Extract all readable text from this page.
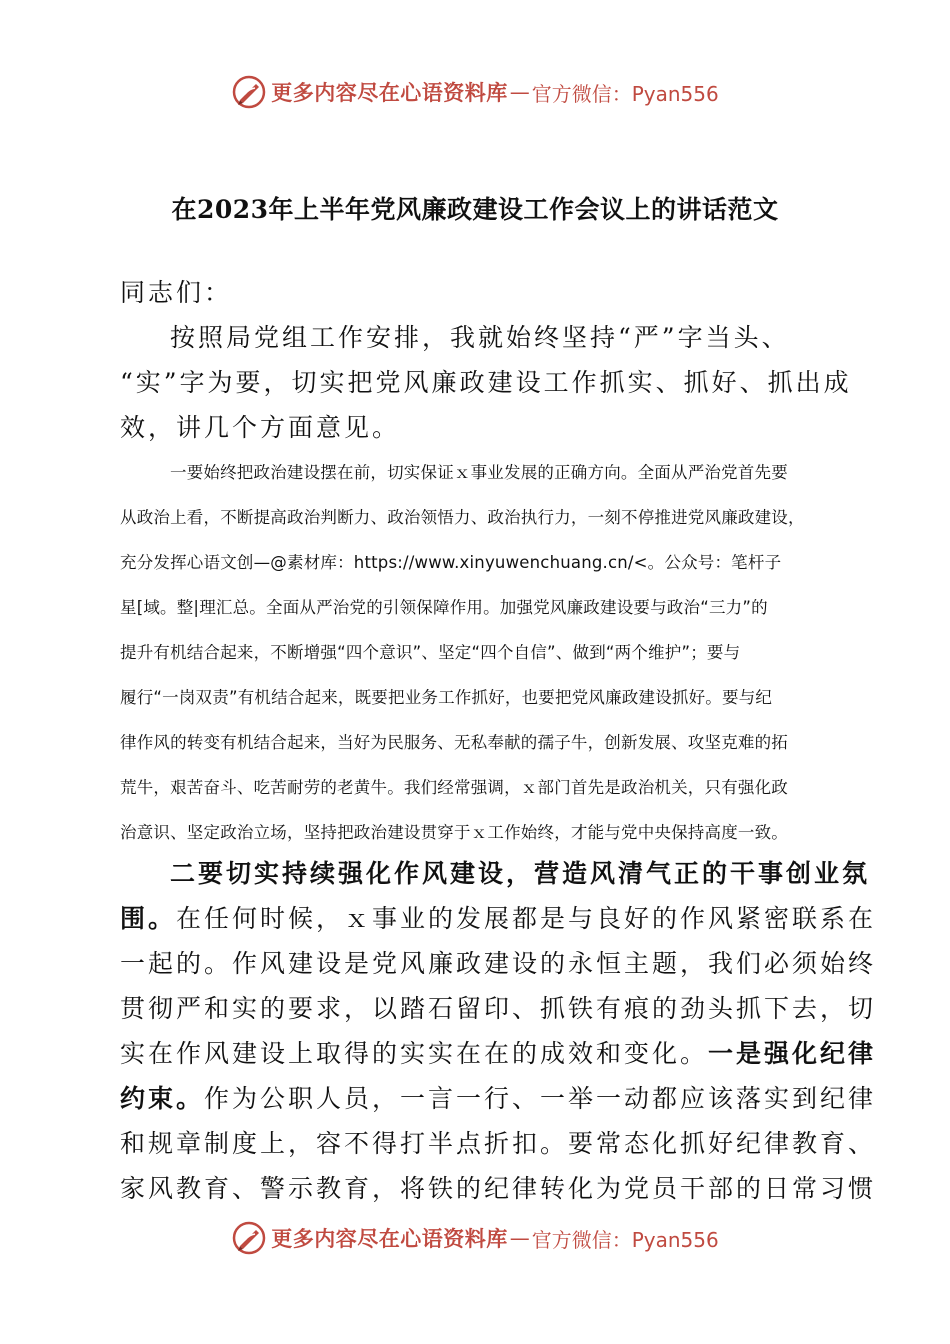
更多内容尽在心语资料库 — 官方微信：Pyan556
在2023年上半年党风廉政建设工作会议上的讲话范文
同志们：
按照局党组工作安排，我就始终坚持“严”字当头、
“实”字为要，切实把党风廉政建设工作抓实、抓好、抓出成
效，讲几个方面意见。
一要始终把政治建设摆在前，切实保证ｘ事业发展的正确方向。全面从严治党首先要
从政治上看，不断提高政治判断力、政治领悟力、政治执行力，一刻不停推进党风廉政建设，
充分发挥心语文创—@素材库：https://www.xinyuwenchuang.cn/<。公众号：笔杆子
星[域。整|理汇总。全面从严治党的引领保障作用。加强党风廉政建设要与政治“三力”的
提升有机结合起来，不断增强“四个意识”、坚定“四个自信”、做到“两个维护”；要与
履行“一岗双责”有机结合起来，既要把业务工作抓好，也要把党风廉政建设抓好。要与纪
律作风的转变有机结合起来，当好为民服务、无私奉献的孺子牛，创新发展、攻坚克难的拓
荒牛，艰苦奋斗、吃苦耐劳的老黄牛。我们经常强调，ｘ部门首先是政治机关，只有强化政
治意识、坚定政治立场，坚持把政治建设贯穿于ｘ工作始终，才能与党中央保持高度一致。
二要切实持续强化作风建设，营造风清气正的干事创业氛
围。在任何时候，ｘ事业的发展都是与良好的作风紧密联系在
一起的。作风建设是党风廉政建设的永恒主题，我们必须始终
贯彻严和实的要求，以踏石留印、抓铁有痕的劲头抓下去，切
实在作风建设上取得的实实在在的成效和变化。一是强化纪律
约束。作为公职人员，一言一行、一举一动都应该落实到纪律
和规章制度上，容不得打半点折扣。要常态化抓好纪律教育、
家风教育、警示教育，将铁的纪律转化为党员干部的日常习惯
更多内容尽在心语资料库 — 官方微信：Pyan556
